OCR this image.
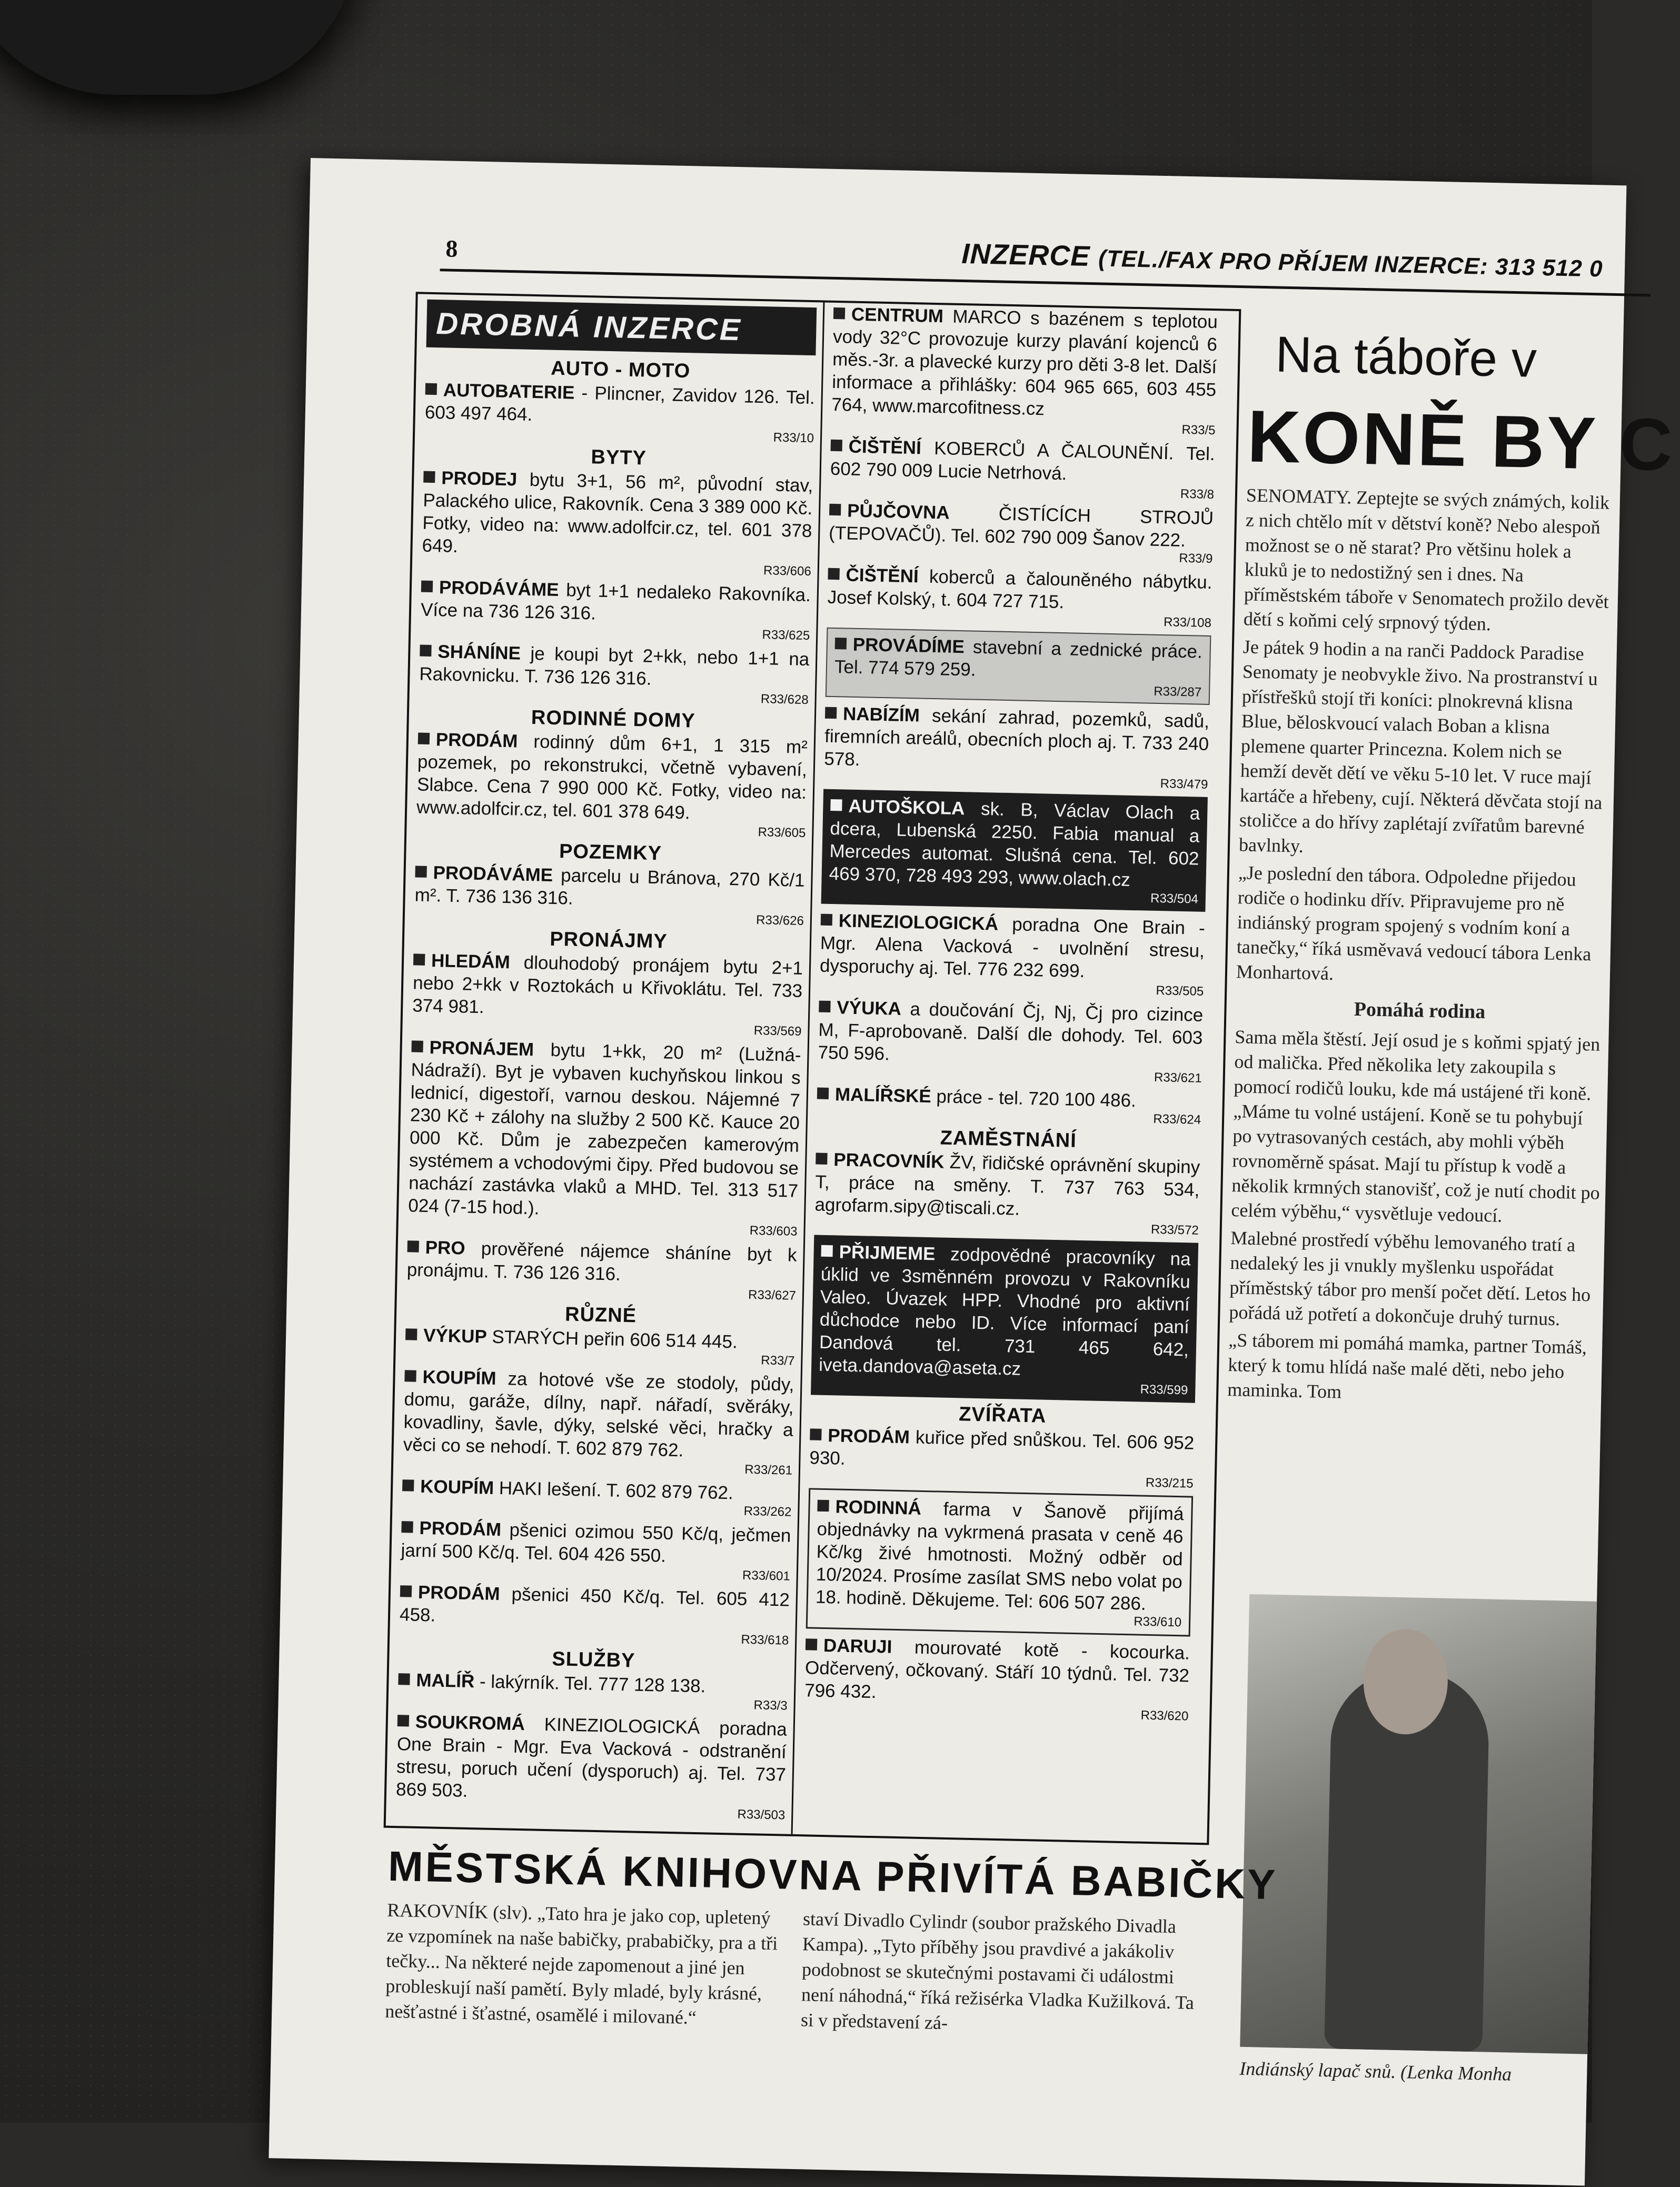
8	INZERCE (TEL./FAX PRO PŘÍJEM INZERCE: 313 512 0
DROBNÁ INZERCE
AUTO - MOTO
AUTOBATERIE - Plincner, Zavidov 126. Tel. 603 497 464.
R33/10
BYTY
PRODEJ bytu 3+1, 56 m², původní stav, Palackého ulice, Rakovník. Cena 3 389 000 Kč. Fotky, video na: www.adolfcir.cz, tel. 601 378 649.
R33/606
PRODÁVÁME byt 1+1 nedaleko Rakovníka. Více na 736 126 316.
R33/625
SHÁNÍNE je koupi byt 2+kk, nebo 1+1 na Rakovnicku. T. 736 126 316.
R33/628
RODINNÉ DOMY
PRODÁM rodinný dům 6+1, 1 315 m² pozemek, po rekonstrukci, včetně vybavení, Slabce. Cena 7 990 000 Kč. Fotky, video na: www.adolfcir.cz, tel. 601 378 649.
R33/605
POZEMKY
PRODÁVÁME parcelu u Bránova, 270 Kč/1 m². T. 736 136 316.
R33/626
PRONÁJMY
HLEDÁM dlouhodobý pronájem bytu 2+1 nebo 2+kk v Roztokách u Křivoklátu. Tel. 733 374 981.
R33/569
PRONÁJEM bytu 1+kk, 20 m² (Lužná-Nádraží). Byt je vybaven kuchyňskou linkou s lednicí, digestoří, varnou deskou. Nájemné 7 230 Kč + zálohy na služby 2 500 Kč. Kauce 20 000 Kč. Dům je zabezpečen kamerovým systémem a vchodovými čipy. Před budovou se nachází zastávka vlaků a MHD. Tel. 313 517 024 (7-15 hod.).
R33/603
PRO prověřené nájemce sháníne byt k pronájmu. T. 736 126 316.
R33/627
RŮZNÉ
VÝKUP STARÝCH peřin 606 514 445.
R33/7
KOUPÍM za hotové vše ze stodoly, půdy, domu, garáže, dílny, např. nářadí, svěráky, kovadliny, šavle, dýky, selské věci, hračky a věci co se nehodí. T. 602 879 762.
R33/261
KOUPÍM HAKI lešení. T. 602 879 762.
R33/262
PRODÁM pšenici ozimou 550 Kč/q, ječmen jarní 500 Kč/q. Tel. 604 426 550.
R33/601
PRODÁM pšenici 450 Kč/q. Tel. 605 412 458.
R33/618
SLUŽBY
MALÍŘ - lakýrník. Tel. 777 128 138.
R33/3
SOUKROMÁ KINEZIOLOGICKÁ poradna One Brain - Mgr. Eva Vacková - odstranění stresu, poruch učení (dysporuch) aj. Tel. 737 869 503.
R33/503
CENTRUM MARCO s bazénem s teplotou vody 32°C provozuje kurzy plavání kojenců 6 měs.-3r. a plavecké kurzy pro děti 3-8 let. Další informace a přihlášky: 604 965 665, 603 455 764, www.marcofitness.cz
R33/5
ČIŠTĚNÍ KOBERCŮ A ČALOUNĚNÍ. Tel. 602 790 009 Lucie Netrhová.
R33/8
PŮJČOVNA ČISTÍCÍCH STROJŮ (TEPOVAČŮ). Tel. 602 790 009 Šanov 222.
R33/9
ČIŠTĚNÍ koberců a čalouněného nábytku. Josef Kolský, t. 604 727 715.
R33/108
PROVÁDÍME stavební a zednické práce. Tel. 774 579 259.
R33/287
NABÍZÍM sekání zahrad, pozemků, sadů, firemních areálů, obecních ploch aj. T. 733 240 578.
R33/479
AUTOŠKOLA sk. B, Václav Olach a dcera, Lubenská 2250. Fabia manual a Mercedes automat. Slušná cena. Tel. 602 469 370, 728 493 293, www.olach.cz
R33/504
KINEZIOLOGICKÁ poradna One Brain - Mgr. Alena Vacková - uvolnění stresu, dysporuchy aj. Tel. 776 232 699.
R33/505
VÝUKA a doučování Čj, Nj, Čj pro cizince M, F-aprobovaně. Další dle dohody. Tel. 603 750 596.
R33/621
MALÍŘSKÉ práce - tel. 720 100 486.
R33/624
ZAMĚSTNÁNÍ
PRACOVNÍK ŽV, řidičské oprávnění skupiny T, práce na směny. T. 737 763 534, agrofarm.sipy@tiscali.cz.
R33/572
PŘIJMEME zodpovědné pracovníky na úklid ve 3směnném provozu v Rakovníku Valeo. Úvazek HPP. Vhodné pro aktivní důchodce nebo ID. Více informací paní Dandová tel. 731 465 642, iveta.dandova@aseta.cz
R33/599
ZVÍŘATA
PRODÁM kuřice před snůškou. Tel. 606 952 930.
R33/215
RODINNÁ farma v Šanově přijímá objednávky na vykrmená prasata v ceně 46 Kč/kg živé hmotnosti. Možný odběr od 10/2024. Prosíme zasílat SMS nebo volat po 18. hodině. Děkujeme. Tel: 606 507 286.
R33/610
DARUJI mourovaté kotě - kocourka. Odčervený, očkovaný. Stáří 10 týdnů. Tel. 732 796 432.
R33/620
Na táboře v
KONĚ BY C

SENOMATY. Zeptejte se svých známých, kolik z nich chtělo mít v dětství koně? Nebo alespoň možnost se o ně starat? Pro většinu holek a kluků je to nedostižný sen i dnes. Na příměstském táboře v Senomatech prožilo devět dětí s koňmi celý srpnový týden.

Je pátek 9 hodin a na ranči Paddock Paradise Senomaty je neobvykle živo. Na prostranství u přístřešků stojí tři koníci: plnokrevná klisna Blue, běloskvoucí valach Boban a klisna plemene quarter Princezna. Kolem nich se hemží devět dětí ve věku 5-10 let. V ruce mají kartáče a hřebeny, cují. Některá děvčata stojí na stoličce a do hřívy zaplétají zvířatům barevné bavlnky.

„Je poslední den tábora. Odpoledne přijedou rodiče o hodinku dřív. Připravujeme pro ně indiánský program spojený s vodním koní a tanečky,“ říká usměvavá vedoucí tábora Lenka Monhartová.

Pomáhá rodina

Sama měla štěstí. Její osud je s koňmi spjatý jen od malička. Před několika lety zakoupila s pomocí rodičů louku, kde má ustájené tři koně. „Máme tu volné ustájení. Koně se tu pohybují po vytrasovaných cestách, aby mohli výběh rovnoměrně spásat. Mají tu přístup k vodě a několik krmných stanovišť, což je nutí chodit po celém výběhu,“ vysvětluje vedoucí.

Malebné prostředí výběhu lemovaného tratí a nedaleký les ji vnukly myšlenku uspořádat příměstský tábor pro menší počet dětí. Letos ho pořádá už potřetí a dokončuje druhý turnus.

„S táborem mi pomáhá mamka, partner Tomáš, který k tomu hlídá naše malé děti, nebo jeho maminka. Tom

Indiánský lapač snů. (Lenka Monha
MĚSTSKÁ KNIHOVNA PŘIVÍTÁ BABIČKY

RAKOVNÍK (slv). „Tato hra je jako cop, upletený ze vzpomínek na naše babičky, prababičky, pra a tři tečky... Na některé nejde zapomenout a jiné jen probleskují naší pamětí. Byly mladé, byly krásné, nešťastné i šťastné, osamělé i milované.“

staví Divadlo Cylindr (soubor pražského Divadla Kampa). „Tyto příběhy jsou pravdivé a jakákoliv podobnost se skutečnými postavami či událostmi není náhodná,“ říká režisérka Vladka Kužilková. Ta si v představení zá-
